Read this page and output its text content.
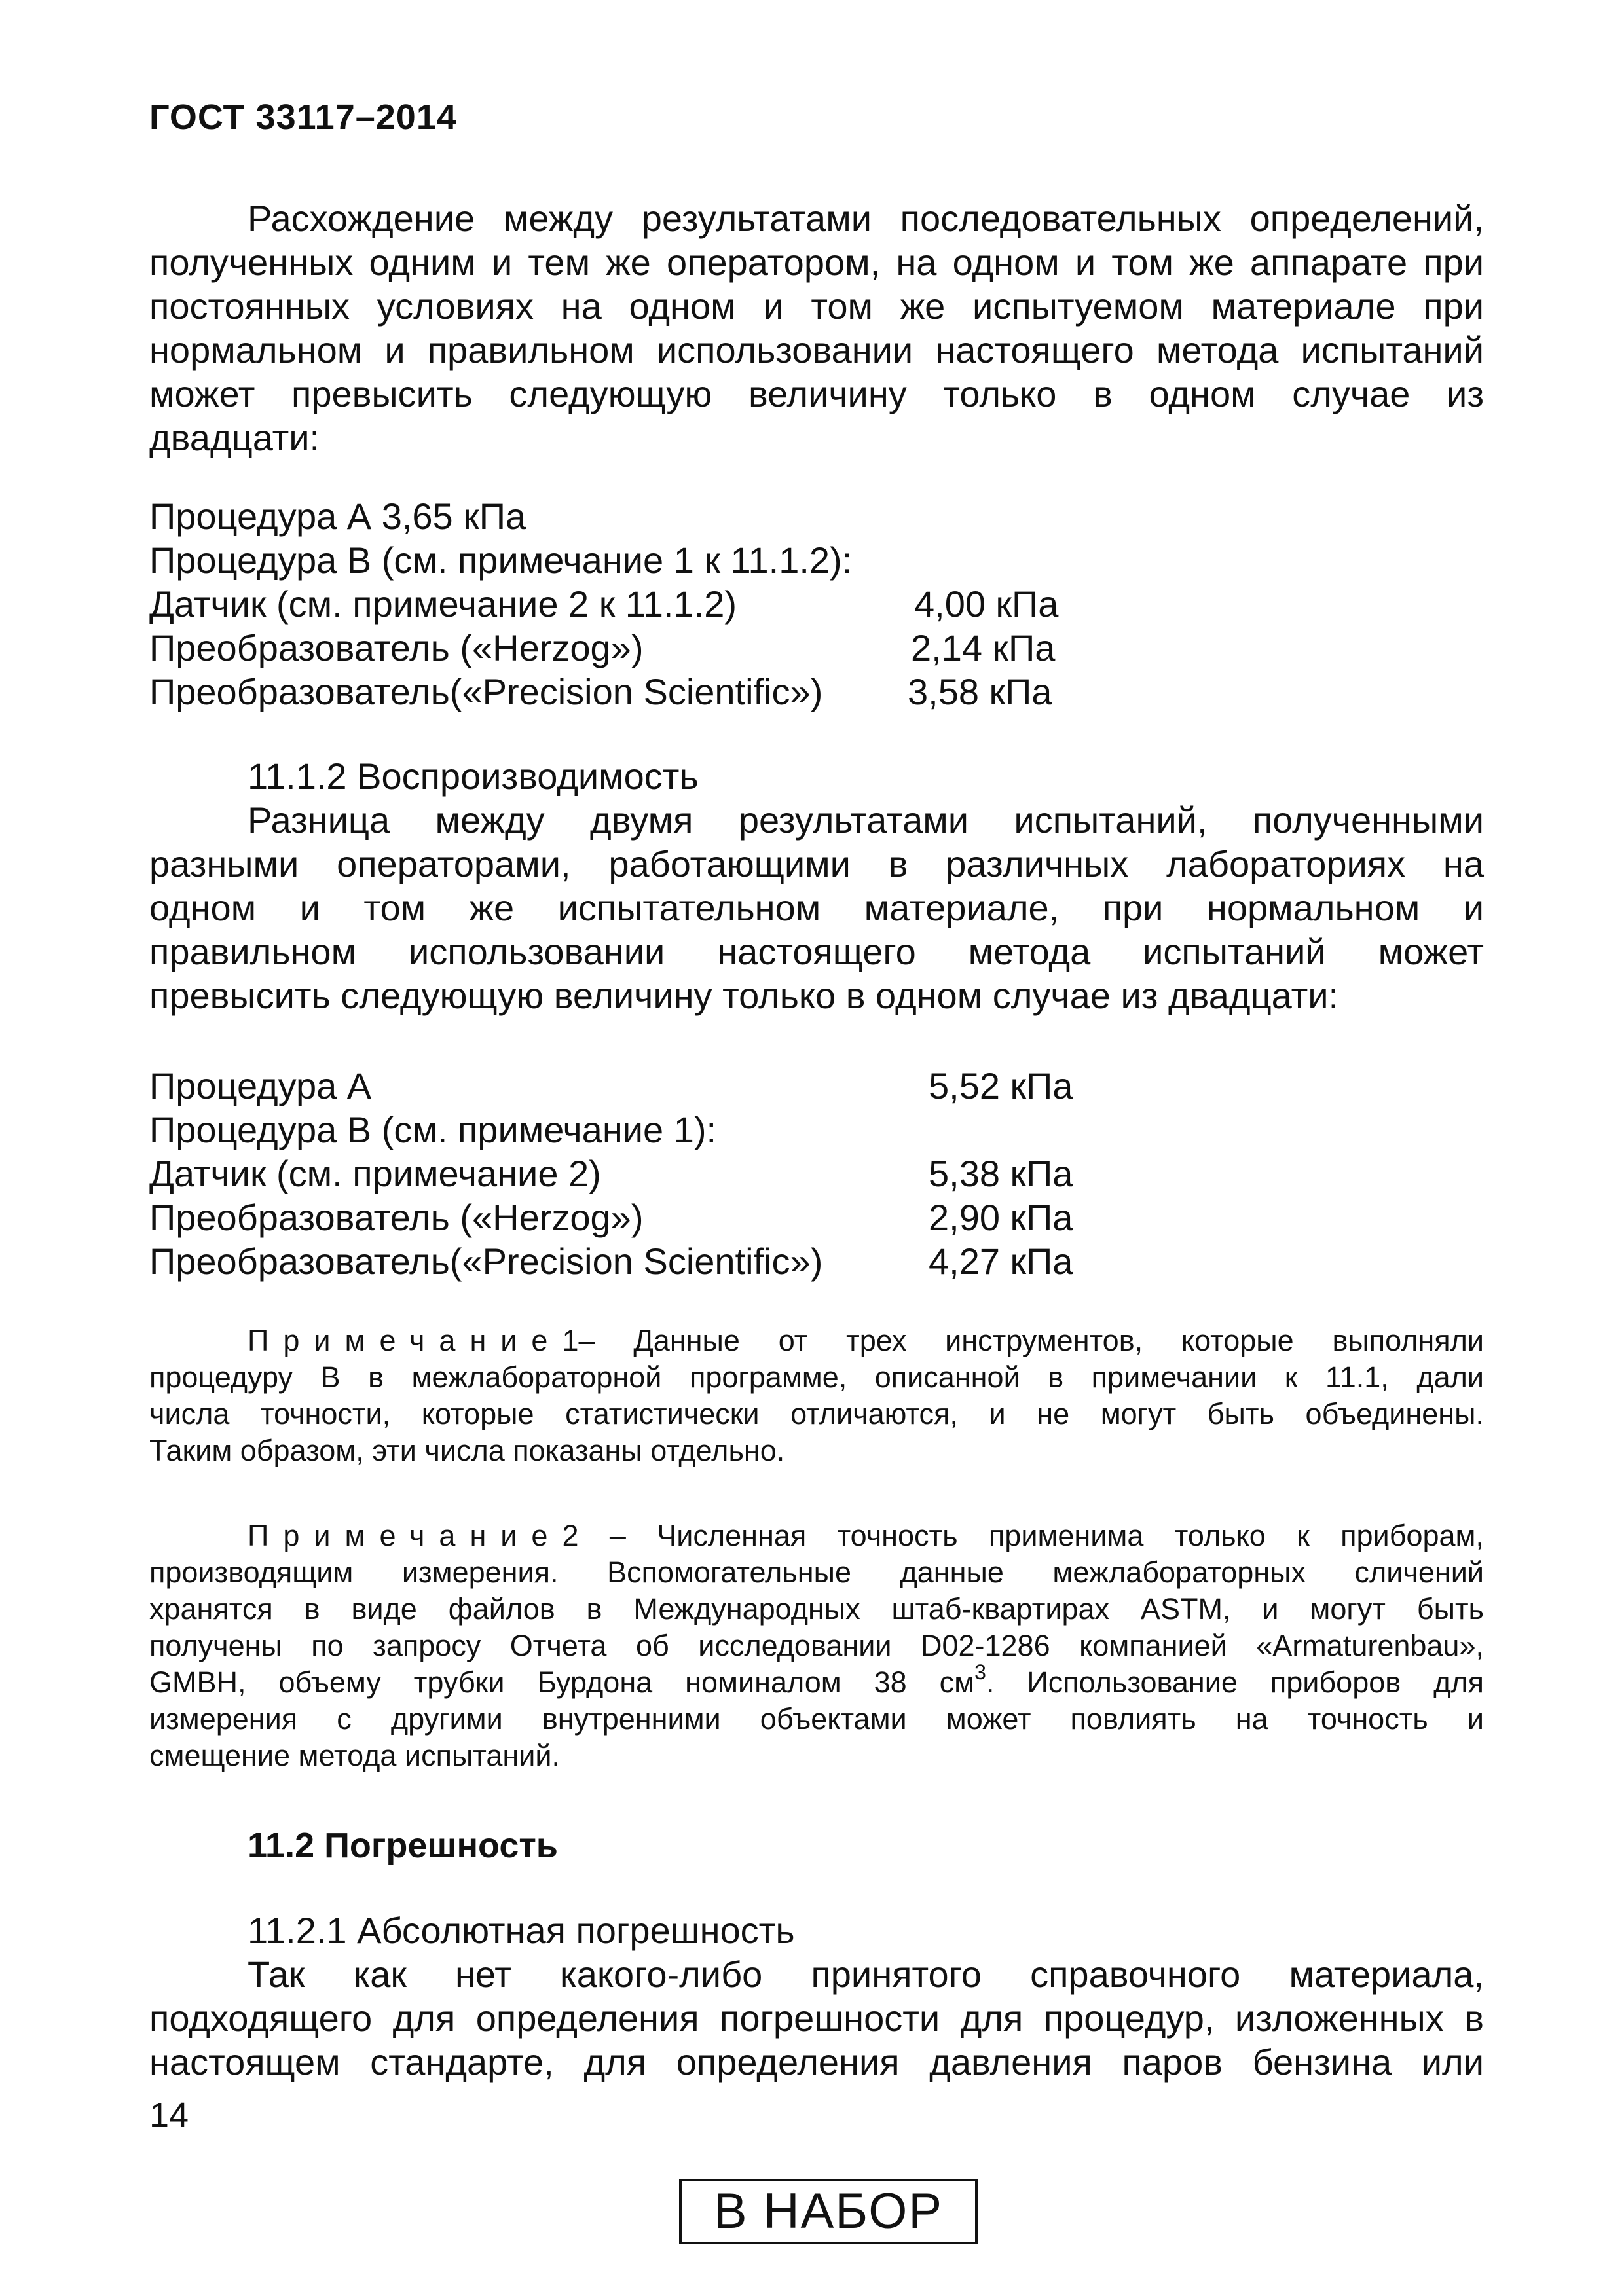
ГОСТ 33117–2014
Расхождение между результатами последовательных определений,
полученных одним и тем же оператором, на одном и том же аппарате при
постоянных условиях на одном и том же испытуемом материале при
нормальном и правильном использовании настоящего метода испытаний
может превысить следующую величину только в одном случае из
двадцати:
Процедура А 3,65 кПа
Процедура В (см. примечание 1 к 11.1.2):
Датчик (см. примечание 2 к 11.1.2)	4,00 кПа
Преобразователь («Herzog»)	2,14 кПа
Преобразователь(«Precision Scientific») 3,58 кПа
11.1.2 Воспроизводимость
Разница между двумя результатами испытаний, полученными
разными операторами, работающими в различных лабораториях на
одном и том же испытательном материале, при нормальном и
правильном использовании настоящего метода испытаний может
превысить следующую величину только в одном случае из двадцати:
Процедура А	5,52 кПа
Процедура В (см. примечание 1):
Датчик (см. примечание 2)	5,38 кПа
Преобразователь («Herzog»)	2,90 кПа
Преобразователь(«Precision Scientific»)	4,27 кПа
Примечание1– Данные от трех инструментов, которые выполняли
процедуру В в межлабораторной программе, описанной в примечании к 11.1, дали
числа точности, которые статистически отличаются, и не могут быть объединены.
Таким образом, эти числа показаны отдельно.
Примечание2 – Численная точность применима только к приборам,
производящим измерения. Вспомогательные данные межлабораторных сличений
хранятся в виде файлов в Международных штаб-квартирах ASTM, и могут быть
получены по запросу Отчета об исследовании D02-1286 компанией «Armaturenbau»,
GMBH, объему трубки Бурдона номиналом 38 $см^3$. Использование приборов для
измерения с другими внутренними объектами может повлиять на точность и
смещение метода испытаний.
11.2 Погрешность
11.2.1 Абсолютная погрешность
Так как нет какого-либо принятого справочного материала,
подходящего для определения погрешности для процедур, изложенных в
настоящем стандарте, для определения давления паров бензина или
14
В НАБОР
